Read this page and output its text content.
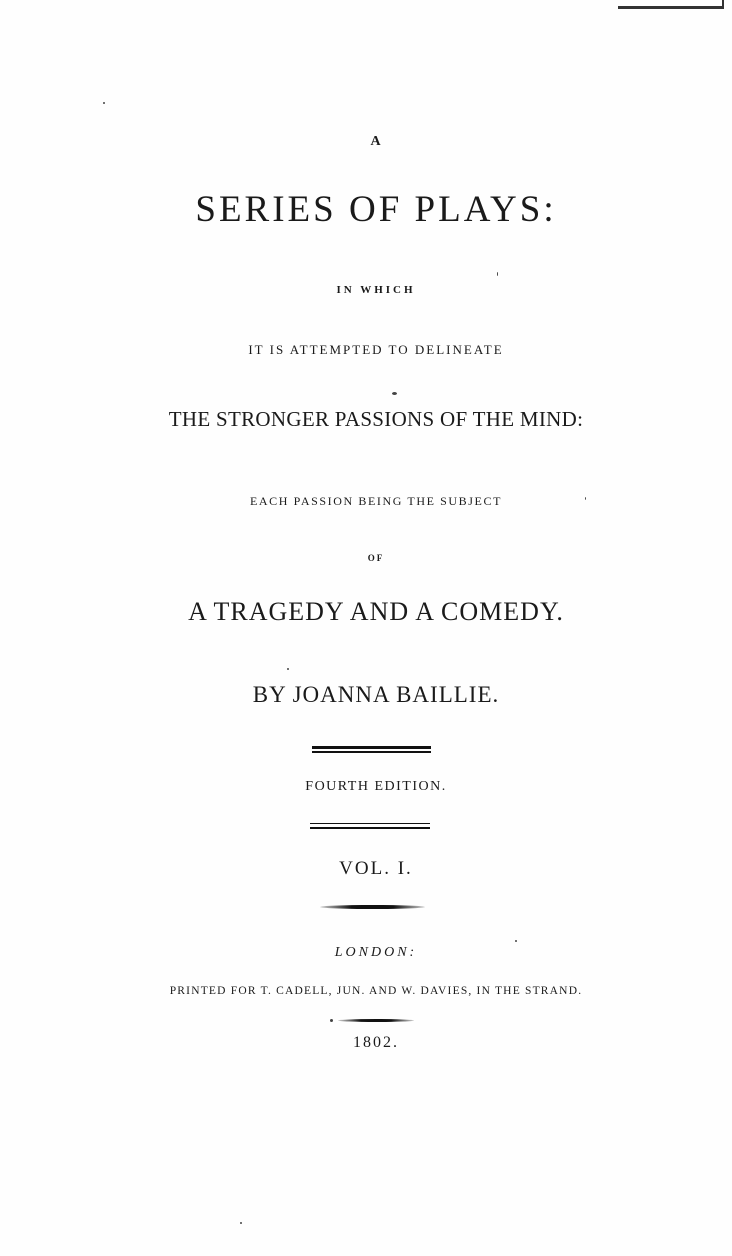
A
SERIES OF PLAYS:
IN WHICH
IT IS ATTEMPTED TO DELINEATE
THE STRONGER PASSIONS OF THE MIND:
EACH PASSION BEING THE SUBJECT
OF
A TRAGEDY AND A COMEDY.
BY JOANNA BAILLIE.
FOURTH EDITION.
VOL. I.
LONDON:
PRINTED FOR T. CADELL, JUN. AND W. DAVIES, IN THE STRAND.
1802.
